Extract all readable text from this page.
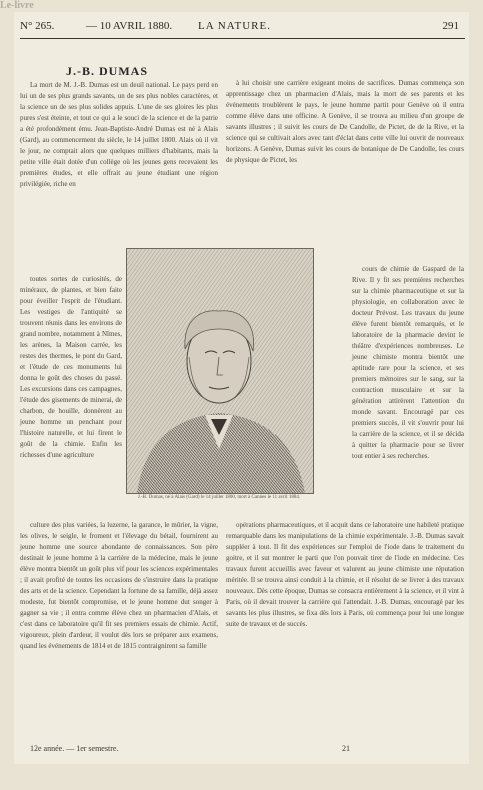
Le-livre
N° 265.	— 10 AVRIL 1880. LA NATURE.	291
J.-B. DUMAS

La mort de M. J.-B. Dumas est un deuil national. Le pays perd en lui un de ses plus grands savants, un de ses plus nobles caractères, et la science un de ses plus solides appuis. L'une de ses gloires les plus pures s'est éteinte, et tout ce qui a le souci de la science et de la patrie a été profondément ému. Jean-Baptiste-André Dumas est né à Alais (Gard), au commencement du siècle, le 14 juillet 1800. Alais où il vit le jour, ne comptait alors que quelques milliers d'habitants, mais la petite ville était dotée d'un collège où les jeunes gens recevaient les premières études, et elle offrait au jeune étudiant une région privilégiée, riche en

toutes sortes de curiosités, de minéraux, de plantes, et bien faite pour éveiller l'esprit de l'étudiant. Les vestiges de l'antiquité se trouvent réunis dans les environs de grand nombre, notamment à Nîmes, les arènes, la Maison carrée, les restes des thermes, le pont du Gard, et l'étude de ces monuments lui donna le goût des choses du passé. Les excursions dans ces campagnes, l'étude des gisements de minerai, de charbon, de houille, donnèrent au jeune homme un penchant pour l'histoire naturelle, et lui firent le goût de la chimie. Enfin les richesses d'une agriculture

culture des plus variées, la luzerne, la garance, le mûrier, la vigne, les olives, le seigle, le froment et l'élevage du bétail, fournirent au jeune homme une source abondante de connaissances. Son père destinait le jeune homme à la carrière de la médecine, mais le jeune élève montra bientôt un goût plus vif pour les sciences expérimentales ; il avait profité de toutes les occasions de s'instruire dans la pratique des arts et de la science. Cependant la fortune de sa famille, déjà assez modeste, fut bientôt compromise, et le jeune homme dut songer à gagner sa vie ; il entra comme élève chez un pharmacien d'Alais, et c'est dans ce laboratoire qu'il fit ses premiers essais de chimie. Actif, vigoureux, plein d'ardeur, il voulut dès lors se préparer aux examens, quand les événements de 1814 et de 1815 contraignirent sa famille

à lui choisir une carrière exigeant moins de sacrifices. Dumas commença son apprentissage chez un pharmacien d'Alais, mais la mort de ses parents et les événements troublèrent le pays, le jeune homme partit pour Genève où il entra comme élève dans une officine. A Genève, il se trouva au milieu d'un groupe de savants illustres ; il suivit les cours de De Candolle, de Pictet, de de la Rive, et la science qui se cultivait alors avec tant d'éclat dans cette ville lui ouvrit de nouveaux horizons. A Genève, Dumas suivit les cours de botanique de De Candolle, les cours de physique de Pictet, les

cours de chimie de Gaspard de la Rive. Il y fit ses premières recherches sur la chimie pharmaceutique et sur la physiologie, en collaboration avec le docteur Prévost. Les travaux du jeune élève furent bientôt remarqués, et le laboratoire de la pharmacie devint le théâtre d'expériences nombreuses. Le jeune chimiste montra bientôt une aptitude rare pour la science, et ses premiers mémoires sur le sang, sur la contraction musculaire et sur la génération attirèrent l'attention du monde savant. Encouragé par ces premiers succès, il vit s'ouvrir pour lui la carrière de la science, et il se décida à quitter la pharmacie pour se livrer tout entier à ses recherches.

opérations pharmaceutiques, et il acquit dans ce laboratoire une habileté pratique remarquable dans les manipulations de la chimie expérimentale. J.-B. Dumas savait suppléer à tout. Il fit des expériences sur l'emploi de l'iode dans le traitement du goitre, et il sut montrer le parti que l'on pouvait tirer de l'iode en médecine. Ces travaux furent accueillis avec faveur et valurent au jeune chimiste une réputation méritée. Il se trouva ainsi conduit à la chimie, et il résolut de se livrer à des travaux nouveaux. Dès cette époque, Dumas se consacra entièrement à la science, et il vint à Paris, où il devait trouver la carrière qui l'attendait. J.-B. Dumas, encouragé par les savants les plus illustres, se fixa dès lors à Paris, où commença pour lui une longue suite de travaux et de succès.

J.-B. Dumas, né à Alais (Gard) le 14 juillet 1800, mort à Cannes le 11 avril 1884.
12e année. — 1er semestre.	21
